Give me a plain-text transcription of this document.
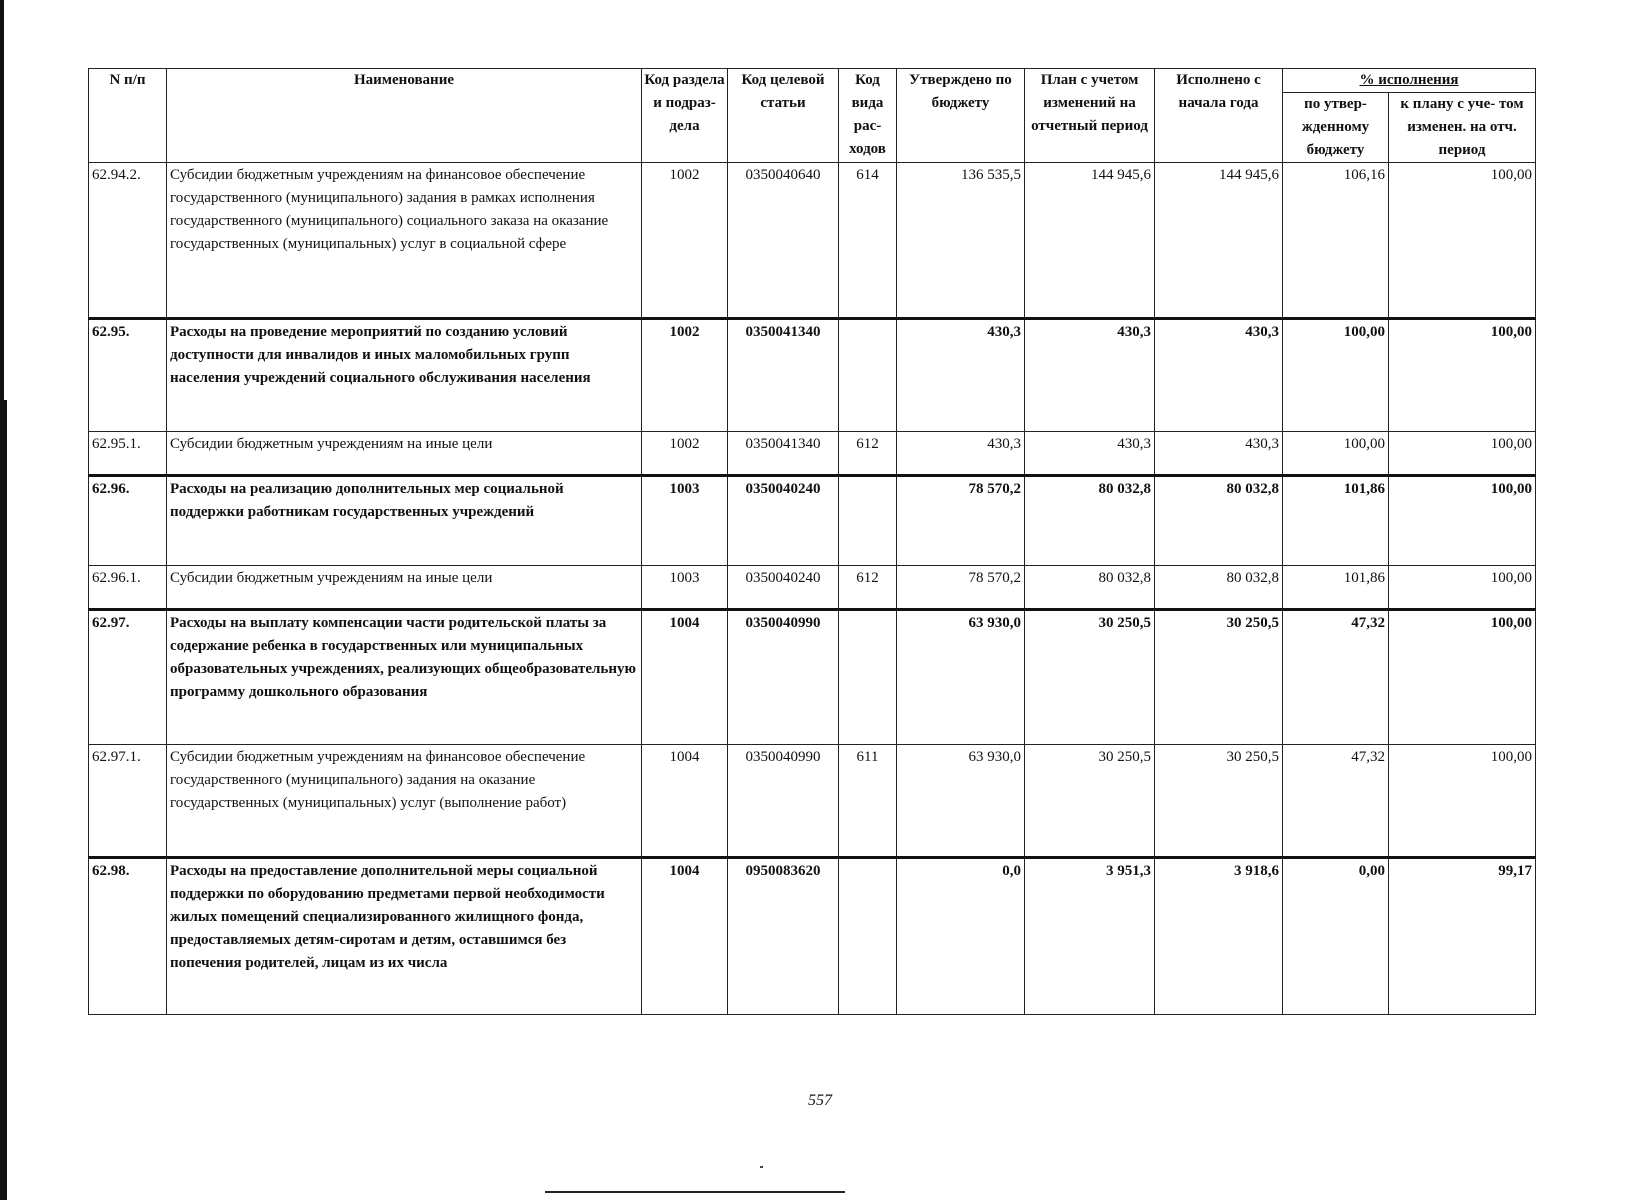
N п/п	Наименование	Код раздела и подраз- дела	Код целевой статьи	Код вида рас- ходов	Утверждено по бюджету	План с учетом изменений на отчетный период	Исполнено с начала года	% исполнения	
								по утвер- жденному бюджету	к плану с уче- том изменен. на отч. период
62.94.2.	Субсидии бюджетным учреждениям на финансовое обеспечение государственного (муниципального) задания в рамках исполнения государственного (муниципального) социального заказа на оказание государственных (муниципальных) услуг в социальной сфере	1002	0350040640	614	136 535,5	144 945,6	144 945,6	106,16	100,00
62.95.	Расходы на проведение мероприятий по созданию условий доступности для инвалидов и иных маломобильных групп населения учреждений социального обслуживания населения	1002	0350041340		430,3	430,3	430,3	100,00	100,00
62.95.1.	Субсидии бюджетным учреждениям на иные цели	1002	0350041340	612	430,3	430,3	430,3	100,00	100,00
62.96.	Расходы на реализацию дополнительных мер социальной поддержки работникам государственных учреждений	1003	0350040240		78 570,2	80 032,8	80 032,8	101,86	100,00
62.96.1.	Субсидии бюджетным учреждениям на иные цели	1003	0350040240	612	78 570,2	80 032,8	80 032,8	101,86	100,00
62.97.	Расходы на выплату компенсации части родительской платы за содержание ребенка в государственных или муниципальных образовательных учреждениях, реализующих общеобразовательную программу дошкольного образования	1004	0350040990		63 930,0	30 250,5	30 250,5	47,32	100,00
62.97.1.	Субсидии бюджетным учреждениям на финансовое обеспечение государственного (муниципального) задания на оказание государственных (муниципальных) услуг (выполнение работ)	1004	0350040990	611	63 930,0	30 250,5	30 250,5	47,32	100,00
62.98.	Расходы на предоставление дополнительной меры социальной поддержки по оборудованию предметами первой необходимости жилых помещений специализированного жилищного фонда, предоставляемых детям-сиротам и детям, оставшимся без попечения родителей, лицам из их числа	1004	0950083620		0,0	3 951,3	3 918,6	0,00	99,17
557
